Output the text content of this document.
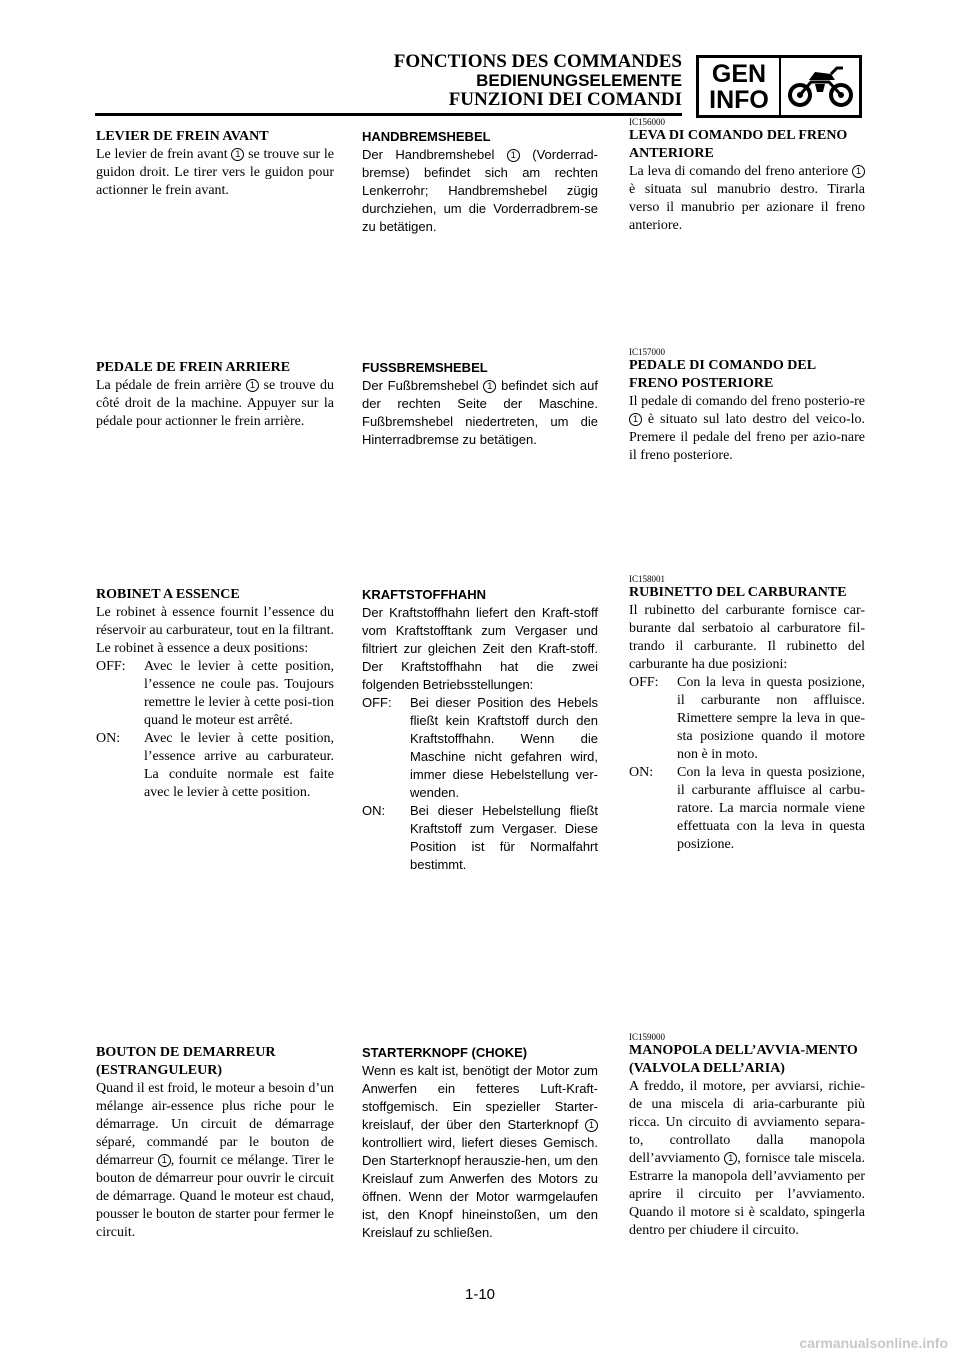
FONCTIONS DES COMMANDES
BEDIENUNGSELEMENTE
FUNZIONI DEI COMANDI
GEN
INFO
LEVIER DE FREIN AVANT
Le levier de frein avant 1 se trouve sur le guidon droit. Le tirer vers le guidon pour actionner le frein avant.
HANDBREMSHEBEL
Der Handbremshebel 1 (Vorderrad-bremse) befindet sich am rechten Lenkerrohr; Handbremshebel zügig durchziehen, um die Vorderradbrem-se zu betätigen.
IC156000
LEVA DI COMANDO DEL FRENO ANTERIORE
La leva di comando del freno anteriore 1 è situata sul manubrio destro. Tirarla verso il manubrio per azionare il freno anteriore.
PEDALE DE FREIN ARRIERE
La pédale de frein arrière 1 se trouve du côté droit de la machine. Appuyer sur la pédale pour actionner le frein arrière.
FUSSBREMSHEBEL
Der Fußbremshebel 1 befindet sich auf der rechten Seite der Maschine. Fußbremshebel niedertreten, um die Hinterradbremse zu betätigen.
IC157000
PEDALE DI COMANDO DEL FRENO POSTERIORE
Il pedale di comando del freno posterio-re 1 è situato sul lato destro del veico-lo. Premere il pedale del freno per azio-nare il freno posteriore.
ROBINET A ESSENCE
Le robinet à essence fournit l’essence du réservoir au carburateur, tout en la filtrant. Le robinet à essence a deux positions:
OFF:	Avec le levier à cette position, l’essence ne coule pas. Toujours remettre le levier à cette posi-tion quand le moteur est arrêté.
ON:	Avec le levier à cette position, l’essence arrive au carburateur. La conduite normale est faite avec le levier à cette position.
KRAFTSTOFFHAHN
Der Kraftstoffhahn liefert den Kraft-stoff vom Kraftstofftank zum Vergaser und filtriert zur gleichen Zeit den Kraft-stoff. Der Kraftstoffhahn hat die zwei folgenden Betriebsstellungen:
OFF:	Bei dieser Position des Hebels fließt kein Kraftstoff durch den Kraftstoffhahn. Wenn die Maschine nicht gefahren wird, immer diese Hebelstellung ver-wenden.
ON:	Bei dieser Hebelstellung fließt Kraftstoff zum Vergaser. Diese Position ist für Normalfahrt bestimmt.
IC158001
RUBINETTO DEL CARBURANTE
Il rubinetto del carburante fornisce car-burante dal serbatoio al carburatore fil-trando il carburante. Il rubinetto del carburante ha due posizioni:
OFF:	Con la leva in questa posizione, il carburante non affluisce. Rimettere sempre la leva in que-sta posizione quando il motore non è in moto.
ON:	Con la leva in questa posizione, il carburante affluisce al carbu-ratore. La marcia normale viene effettuata con la leva in questa posizione.
BOUTON DE DEMARREUR (ESTRANGULEUR)
Quand il est froid, le moteur a besoin d’un mélange air-essence plus riche pour le démarrage. Un circuit de démarrage séparé, commandé par le bouton de démarreur 1 , fournit ce mélange. Tirer le bouton de démarreur pour ouvrir le circuit de démarrage. Quand le moteur est chaud, pousser le bouton de starter pour fermer le circuit.
STARTERKNOPF (CHOKE)
Wenn es kalt ist, benötigt der Motor zum Anwerfen ein fetteres Luft-Kraft-stoffgemisch. Ein spezieller Starter-kreislauf, der über den Starterknopf 1 kontrolliert wird, liefert dieses Gemisch. Den Starterknopf herauszie-hen, um den Kreislauf zum Anwerfen des Motors zu öffnen. Wenn der Motor warmgelaufen ist, den Knopf hineinstoßen, um den Kreislauf zu schließen.
IC159000
MANOPOLA DELL’AVVIA-MENTO (VALVOLA DELL’ARIA)
A freddo, il motore, per avviarsi, richie-de una miscela di aria-carburante più ricca. Un circuito di avviamento separa-to, controllato dalla manopola dell’avviamento 1 , fornisce tale miscela. Estrarre la manopola dell’avviamento per aprire il circuito per l’avviamento. Quando il motore si è scaldato, spingerla dentro per chiudere il circuito.
1-10
carmanualsonline.info
